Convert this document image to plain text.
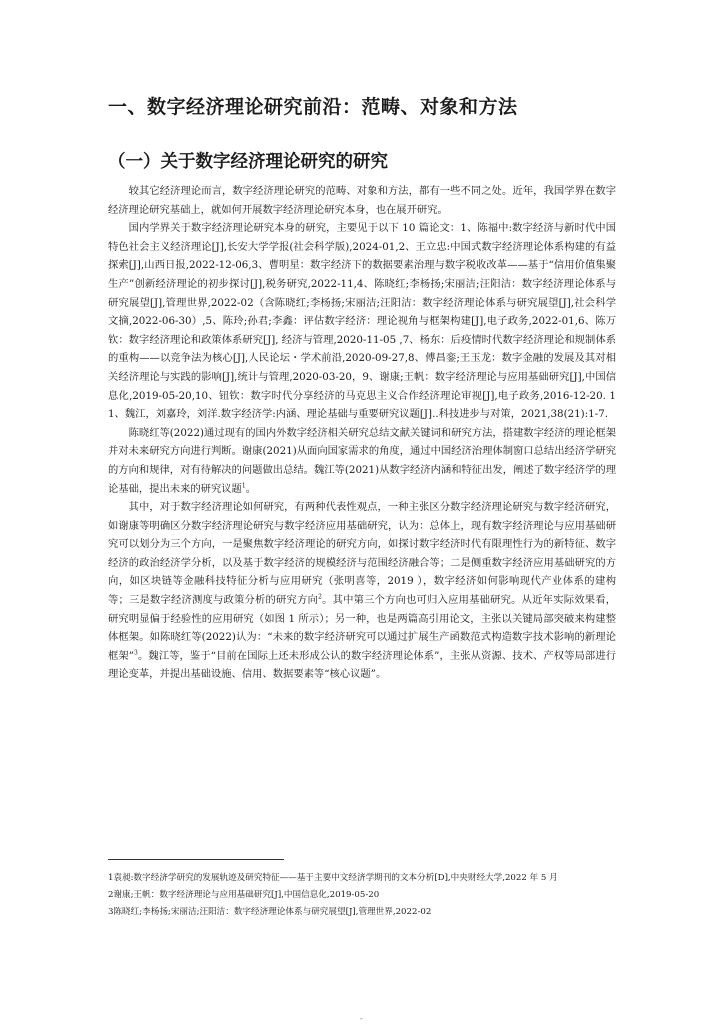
一、数字经济理论研究前沿：范畴、对象和方法
（一）关于数字经济理论研究的研究

较其它经济理论而言，数字经济理论研究的范畴、对象和方法，都有一些不同之处。近年，我国学界在数字经济理论研究基础上，就如何开展数字经济理论研究本身，也在展开研究。

国内学界关于数字经济理论研究本身的研究，主要见于以下 10 篇论文：1、陈福中:数字经济与新时代中国特色社会主义经济理论[J],长安大学学报(社会科学版),2024-01,2、王立忠:中国式数字经济理论体系构建的有益探索[J],山西日报,2022-12-06,3、曹明星：数字经济下的数据要素治理与数字税收改革——基于“信用价值集聚生产”创新经济理论的初步探讨[J],税务研究,2022-11,4、陈晓红;李杨扬;宋丽洁;汪阳洁：数字经济理论体系与研究展望[J],管理世界,2022-02（含陈晓红;李杨扬;宋丽洁;汪阳洁：数字经济理论体系与研究展望[J],社会科学文摘,2022-06-30）,5、陈玲;孙君;李鑫：评估数字经济：理论视角与框架构建[J],电子政务,2022-01,6、陈万钦：数字经济理论和政策体系研究[J], 经济与管理,2020-11-05 ,7、杨东：后疫情时代数字经济理论和规制体系的重构——以竞争法为核心[J],人民论坛・学术前沿,2020-09-27,8、傅昌銮;王玉龙：数字金融的发展及其对相关经济理论与实践的影响[J],统计与管理,2020-03-20，9、谢康;王帆：数字经济理论与应用基础研究[J],中国信息化,2019-05-20,10、钮钦：数字时代分享经济的马克思主义合作经济理论审视[J],电子政务,2016-12-20. 11、魏江，刘嘉玲，刘洋.数字经济学:内涵、理论基础与重要研究议题[J]..科技进步与对策，2021,38(21):1-7.

陈晓红等(2022)通过现有的国内外数字经济相关研究总结文献关键词和研究方法，搭建数字经济的理论框架并对未来研究方向进行判断。谢康(2021)从面向国家需求的角度，通过中国经济治理体制窗口总结出经济学研究的方向和规律，对有待解决的问题做出总结。魏江等(2021)从数字经济内涵和特征出发，阐述了数字经济学的理论基础，提出未来的研究议题$^1$。

其中，对于数字经济理论如何研究，有两种代表性观点，一种主张区分数字经济理论研究与数字经济研究，如谢康等明确区分数字经济理论研究与数字经济应用基础研究，认为：总体上，现有数字经济理论与应用基础研究可以划分为三个方向，一是聚焦数字经济理论的研究方向，如探讨数字经济时代有限理性行为的新特征、数字经济的政治经济学分析，以及基于数字经济的规模经济与范围经济融合等；二是侧重数字经济应用基础研究的方向，如区块链等金融科技特征分析与应用研究（张明喜等，2019 ），数字经济如何影响现代产业体系的建构等；三是数字经济测度与政策分析的研究方向$^2$。其中第三个方向也可归入应用基础研究。从近年实际效果看，研究明显偏于经验性的应用研究（如图 1 所示）；另一种，也是两篇高引用论文，主张以关键局部突破来构建整体框架。如陈晓红等(2022)认为：“未来的数字经济研究可以通过扩展生产函数范式构造数字技术影响的新理论框架”$^3$。魏江等，鉴于“目前在国际上还未形成公认的数字经济理论体系”，主张从资源、技术、产权等局部进行理论变革，并提出基础设施、信用、数据要素等“核心议题”。

1袁昶:数字经济学研究的发展轨迹及研究特征——基于主要中文经济学期刊的文本分析[D],中央财经大学,2022 年 5 月

2谢康;王帆：数字经济理论与应用基础研究[J],中国信息化,2019-05-20

3陈晓红;李杨扬;宋丽洁;汪阳洁：数字经济理论体系与研究展望[J],管理世界,2022-02

-
